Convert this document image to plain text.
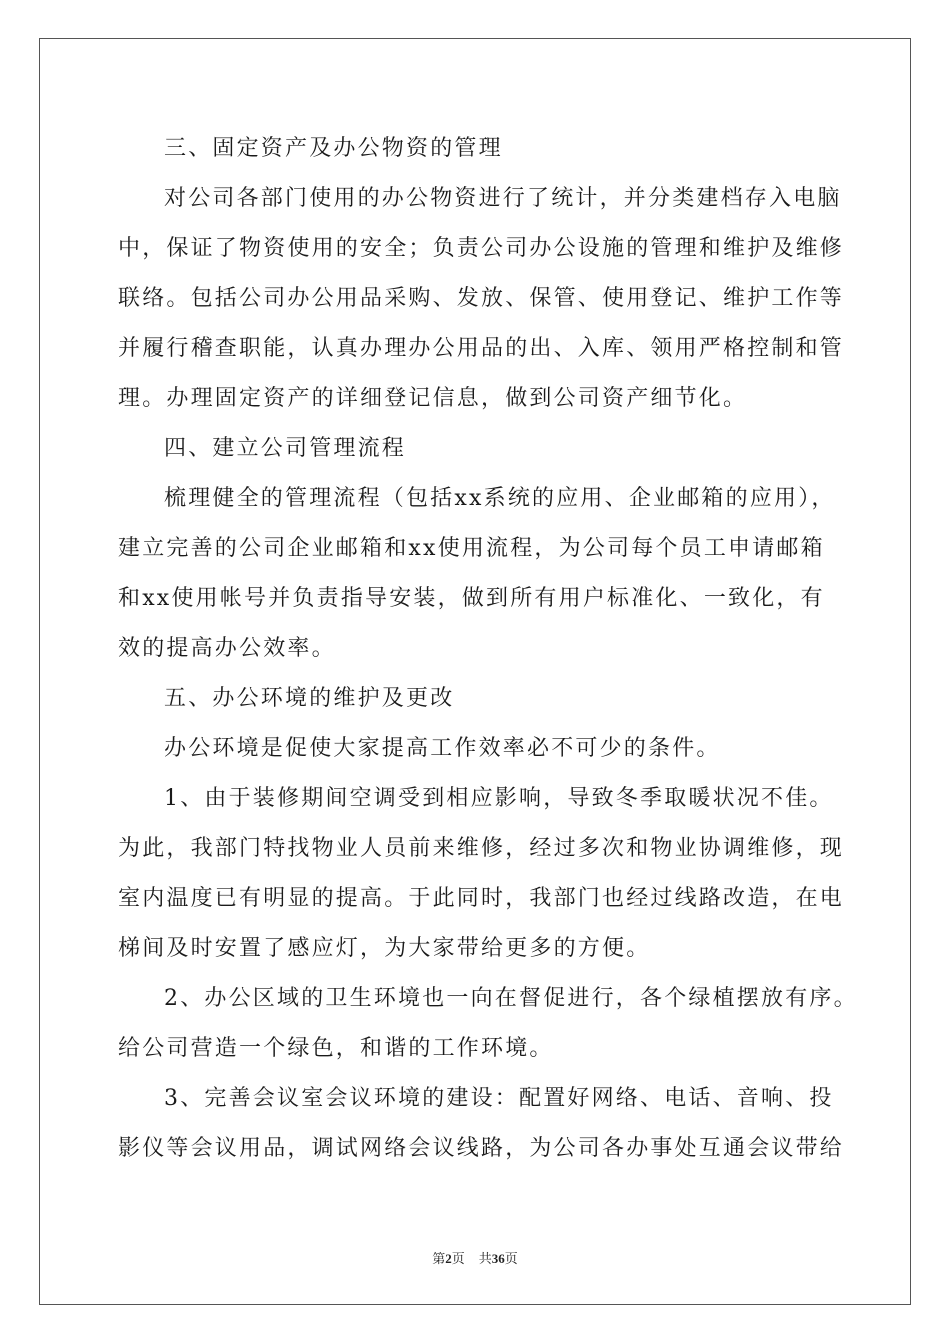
三、固定资产及办公物资的管理
对公司各部门使用的办公物资进行了统计，并分类建档存入电脑
中，保证了物资使用的安全；负责公司办公设施的管理和维护及维修
联络。包括公司办公用品采购、发放、保管、使用登记、维护工作等
并履行稽查职能，认真办理办公用品的出、入库、领用严格控制和管
理。办理固定资产的详细登记信息，做到公司资产细节化。
四、建立公司管理流程
梳理健全的管理流程（包括xx系统的应用、企业邮箱的应用），
建立完善的公司企业邮箱和xx使用流程，为公司每个员工申请邮箱
和xx使用帐号并负责指导安装，做到所有用户标准化、一致化，有
效的提高办公效率。
五、办公环境的维护及更改
办公环境是促使大家提高工作效率必不可少的条件。
1、由于装修期间空调受到相应影响，导致冬季取暖状况不佳。
为此，我部门特找物业人员前来维修，经过多次和物业协调维修，现
室内温度已有明显的提高。于此同时，我部门也经过线路改造，在电
梯间及时安置了感应灯，为大家带给更多的方便。
2、办公区域的卫生环境也一向在督促进行，各个绿植摆放有序。
给公司营造一个绿色，和谐的工作环境。
3、完善会议室会议环境的建设：配置好网络、电话、音响、投
影仪等会议用品，调试网络会议线路，为公司各办事处互通会议带给
第2页 共36页
